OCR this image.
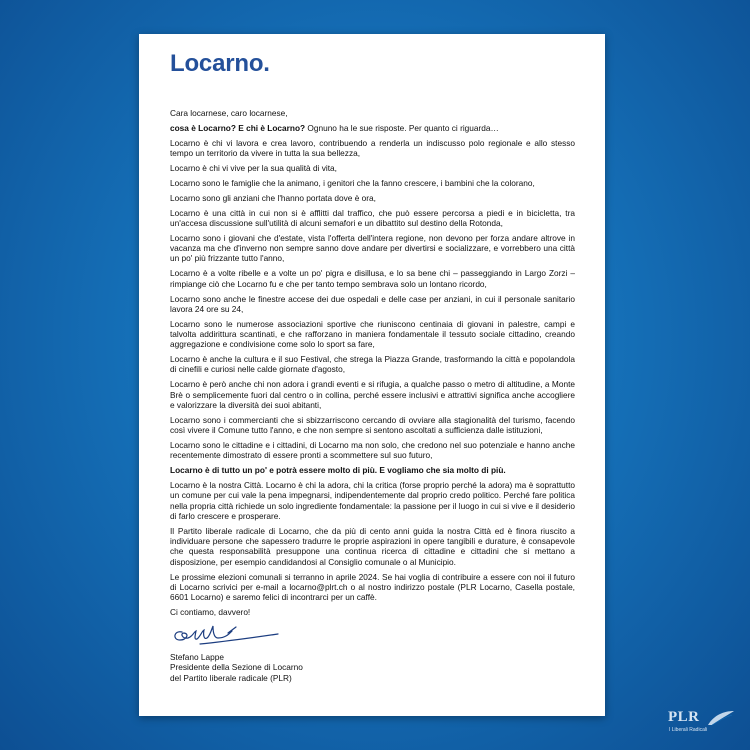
Locarno.

Cara locarnese, caro locarnese,

cosa è Locarno? E chi è Locarno? Ognuno ha le sue risposte. Per quanto ci riguarda…

Locarno è chi vi lavora e crea lavoro, contribuendo a renderla un indiscusso polo regionale e allo stesso tempo un territorio da vivere in tutta la sua bellezza,

Locarno è chi vi vive per la sua qualità di vita,

Locarno sono le famiglie che la animano, i genitori che la fanno crescere, i bambini che la colorano,

Locarno sono gli anziani che l'hanno portata dove è ora,

Locarno è una città in cui non si è afflitti dal traffico, che può essere percorsa a piedi e in bicicletta, tra un'accesa discussione sull'utilità di alcuni semafori e un dibattito sul destino della Rotonda,

Locarno sono i giovani che d'estate, vista l'offerta dell'intera regione, non devono per forza andare altrove in vacanza ma che d'inverno non sempre sanno dove andare per divertirsi e socializzare, e vorrebbero una città un po' più frizzante tutto l'anno,

Locarno è a volte ribelle e a volte un po' pigra e disillusa, e lo sa bene chi – passeggiando in Largo Zorzi – rimpiange ciò che Locarno fu e che per tanto tempo sembrava solo un lontano ricordo,

Locarno sono anche le finestre accese dei due ospedali e delle case per anziani, in cui il personale sanitario lavora 24 ore su 24,

Locarno sono le numerose associazioni sportive che riuniscono centinaia di giovani in palestre, campi e talvolta addirittura scantinati, e che rafforzano in maniera fondamentale il tessuto sociale cittadino, creando aggregazione e condivisione come solo lo sport sa fare,

Locarno è anche la cultura e il suo Festival, che strega la Piazza Grande, trasformando la città e popolandola di cinefili e curiosi nelle calde giornate d'agosto,

Locarno è però anche chi non adora i grandi eventi e si rifugia, a qualche passo o metro di altitudine, a Monte Brè o semplicemente fuori dal centro o in collina, perché essere inclusivi e attrattivi significa anche accogliere e valorizzare la diversità dei suoi abitanti,

Locarno sono i commercianti che si sbizzarriscono cercando di ovviare alla stagionalità del turismo, facendo così vivere il Comune tutto l'anno, e che non sempre si sentono ascoltati a sufficienza dalle istituzioni,

Locarno sono le cittadine e i cittadini, di Locarno ma non solo, che credono nel suo potenziale e hanno anche recentemente dimostrato di essere pronti a scommettere sul suo futuro,

Locarno è di tutto un po' e potrà essere molto di più. E vogliamo che sia molto di più.

Locarno è la nostra Città. Locarno è chi la adora, chi la critica (forse proprio perché la adora) ma è soprattutto un comune per cui vale la pena impegnarsi, indipendentemente dal proprio credo politico. Perché fare politica nella propria città richiede un solo ingrediente fondamentale: la passione per il luogo in cui si vive e il desiderio di farlo crescere e prosperare.

Il Partito liberale radicale di Locarno, che da più di cento anni guida la nostra Città ed è finora riuscito a individuare persone che sapessero tradurre le proprie aspirazioni in opere tangibili e durature, è consapevole che questa responsabilità presuppone una continua ricerca di cittadine e cittadini che si mettano a disposizione, per esempio candidandosi al Consiglio comunale o al Municipio.

Le prossime elezioni comunali si terranno in aprile 2024. Se hai voglia di contribuire a essere con noi il futuro di Locarno scrivici per e-mail a locarno@plrt.ch o al nostro indirizzo postale (PLR Locarno, Casella postale, 6601 Locarno) e saremo felici di incontrarci per un caffè.

Ci contiamo, davvero!

Stefano Lappe
Presidente della Sezione di Locarno
del Partito liberale radicale (PLR)
PLR
I Liberali Radicali
